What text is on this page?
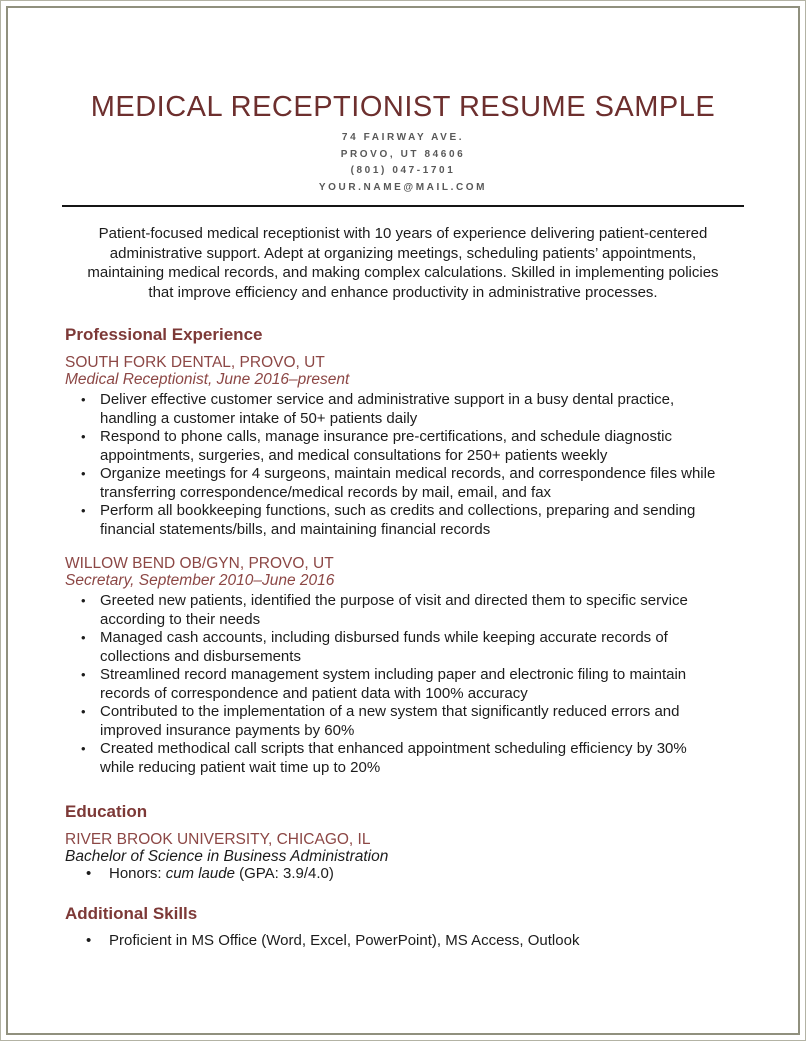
MEDICAL RECEPTIONIST RESUME SAMPLE
74 FAIRWAY AVE.
PROVO, UT 84606
(801) 047-1701
YOUR.NAME@MAIL.COM

Patient-focused medical receptionist with 10 years of experience delivering patient-centered administrative support. Adept at organizing meetings, scheduling patients’ appointments, maintaining medical records, and making complex calculations. Skilled in implementing policies that improve efficiency and enhance productivity in administrative processes.

Professional Experience
SOUTH FORK DENTAL, PROVO, UT
Medical Receptionist, June 2016–present
• Deliver effective customer service and administrative support in a busy dental practice, handling a customer intake of 50+ patients daily
• Respond to phone calls, manage insurance pre-certifications, and schedule diagnostic appointments, surgeries, and medical consultations for 250+ patients weekly
• Organize meetings for 4 surgeons, maintain medical records, and correspondence files while transferring correspondence/medical records by mail, email, and fax
• Perform all bookkeeping functions, such as credits and collections, preparing and sending financial statements/bills, and maintaining financial records
WILLOW BEND OB/GYN, PROVO, UT
Secretary, September 2010–June 2016
• Greeted new patients, identified the purpose of visit and directed them to specific service according to their needs
• Managed cash accounts, including disbursed funds while keeping accurate records of collections and disbursements
• Streamlined record management system including paper and electronic filing to maintain records of correspondence and patient data with 100% accuracy
• Contributed to the implementation of a new system that significantly reduced errors and improved insurance payments by 60%
• Created methodical call scripts that enhanced appointment scheduling efficiency by 30% while reducing patient wait time up to 20%
Education
RIVER BROOK UNIVERSITY, CHICAGO, IL
Bachelor of Science in Business Administration
• Honors: cum laude (GPA: 3.9/4.0)
Additional Skills
• Proficient in MS Office (Word, Excel, PowerPoint), MS Access, Outlook
